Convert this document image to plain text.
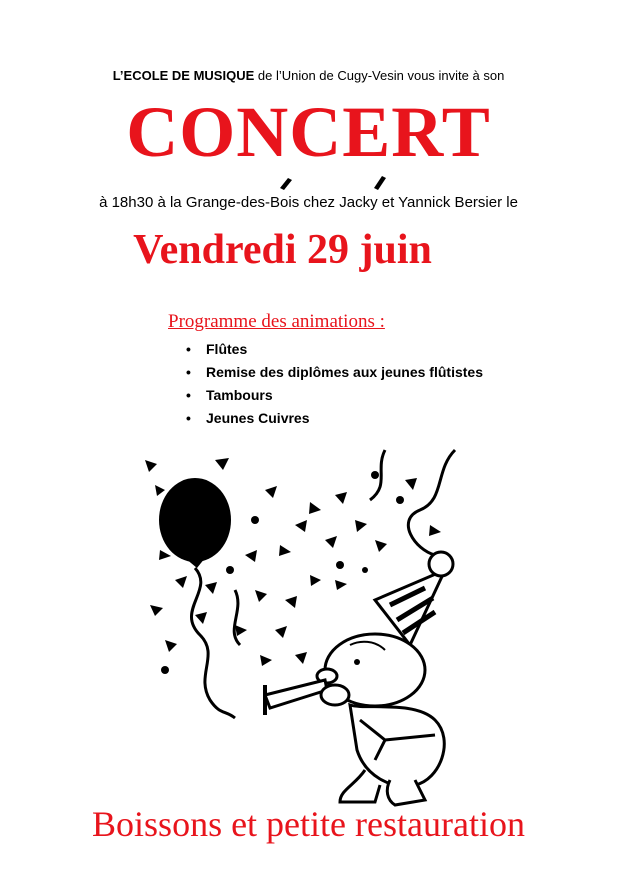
L’ECOLE DE MUSIQUE de l’Union de Cugy-Vesin vous invite à son
CONCERT
à 18h30 à la Grange-des-Bois chez Jacky et Yannick Bersier le
Vendredi 29 juin
Programme des animations :
• Flûtes
• Remise des diplômes aux jeunes flûtistes
• Tambours
• Jeunes Cuivres
Boissons et petite restauration
